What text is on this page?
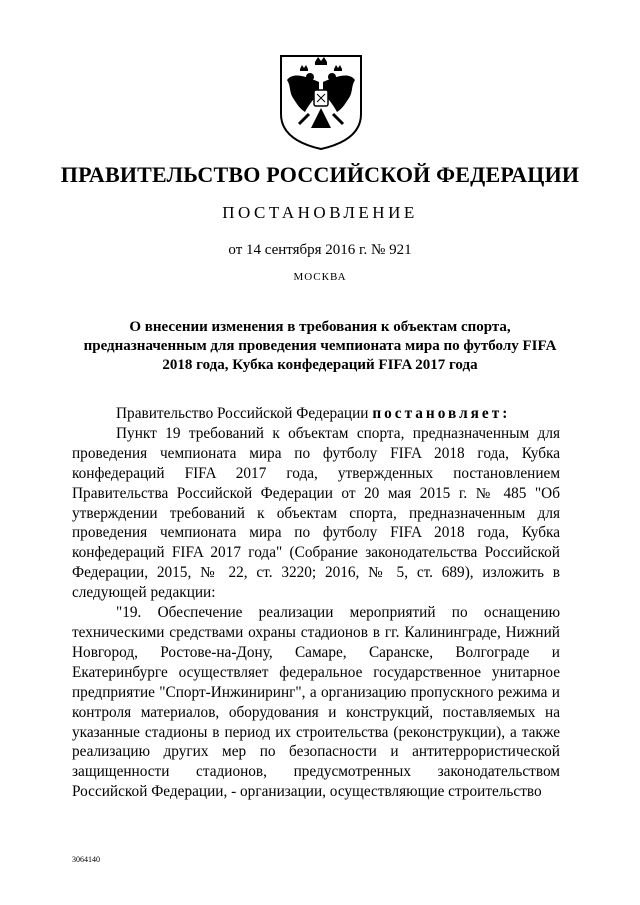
ПРАВИТЕЛЬСТВО РОССИЙСКОЙ ФЕДЕРАЦИИ
ПОСТАНОВЛЕНИЕ
от 14 сентября 2016 г. № 921
МОСКВА
О внесении изменения в требования к объектам спорта, предназначенным для проведения чемпионата мира по футболу FIFA 2018 года, Кубка конфедераций FIFA 2017 года

Правительство Российской Федерации постановляет:

Пункт 19 требований к объектам спорта, предназначенным для проведения чемпионата мира по футболу FIFA 2018 года, Кубка конфедераций FIFA 2017 года, утвержденных постановлением Правительства Российской Федерации от 20 мая 2015 г. № 485 "Об утверждении требований к объектам спорта, предназначенным для проведения чемпионата мира по футболу FIFA 2018 года, Кубка конфедераций FIFA 2017 года" (Собрание законодательства Российской Федерации, 2015, № 22, ст. 3220; 2016, № 5, ст. 689), изложить в следующей редакции:

"19. Обеспечение реализации мероприятий по оснащению техническими средствами охраны стадионов в гг. Калининграде, Нижний Новгород, Ростове-на-Дону, Самаре, Саранске, Волгограде и Екатеринбурге осуществляет федеральное государственное унитарное предприятие "Спорт-Инжиниринг", а организацию пропускного режима и контроля материалов, оборудования и конструкций, поставляемых на указанные стадионы в период их строительства (реконструкции), а также реализацию других мер по безопасности и антитеррористической защищенности стадионов, предусмотренных законодательством Российской Федерации, - организации, осуществляющие строительство

3064140
